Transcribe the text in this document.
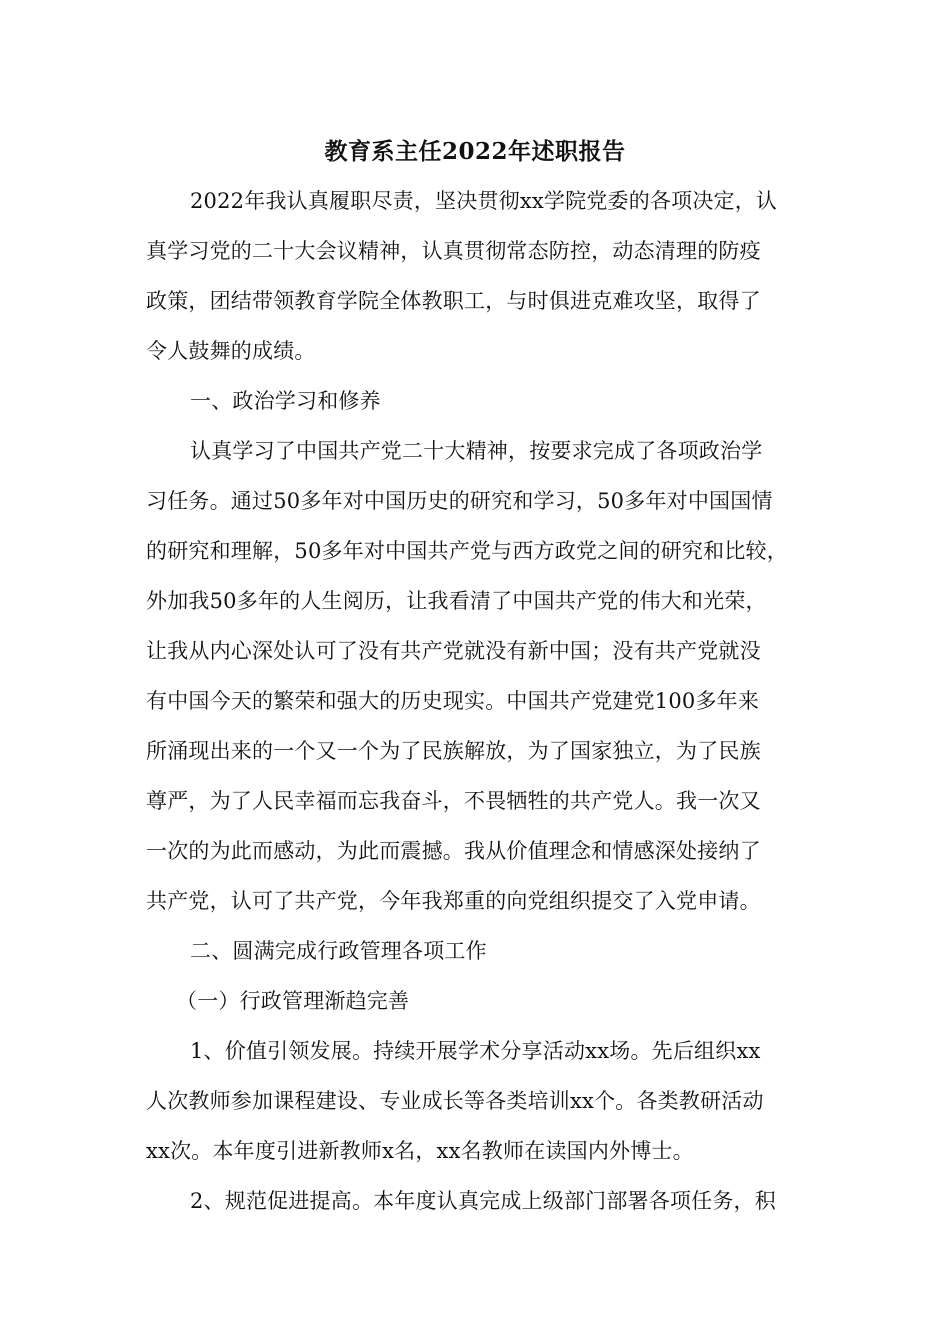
教育系主任2022年述职报告
2022年我认真履职尽责，坚决贯彻xx学院党委的各项决定，认
真学习党的二十大会议精神，认真贯彻常态防控，动态清理的防疫
政策，团结带领教育学院全体教职工，与时俱进克难攻坚，取得了
令人鼓舞的成绩。
一、政治学习和修养
认真学习了中国共产党二十大精神，按要求完成了各项政治学
习任务。通过50多年对中国历史的研究和学习，50多年对中国国情
的研究和理解，50多年对中国共产党与西方政党之间的研究和比较，
外加我50多年的人生阅历，让我看清了中国共产党的伟大和光荣，
让我从内心深处认可了没有共产党就没有新中国；没有共产党就没
有中国今天的繁荣和强大的历史现实。中国共产党建党100多年来
所涌现出来的一个又一个为了民族解放，为了国家独立，为了民族
尊严，为了人民幸福而忘我奋斗，不畏牺牲的共产党人。我一次又
一次的为此而感动，为此而震撼。我从价值理念和情感深处接纳了
共产党，认可了共产党，今年我郑重的向党组织提交了入党申请。
二、圆满完成行政管理各项工作
（一）行政管理渐趋完善
1、价值引领发展。持续开展学术分享活动xx场。先后组织xx
人次教师参加课程建设、专业成长等各类培训xx个。各类教研活动
xx次。本年度引进新教师x名，xx名教师在读国内外博士。
2、规范促进提高。本年度认真完成上级部门部署各项任务，积
